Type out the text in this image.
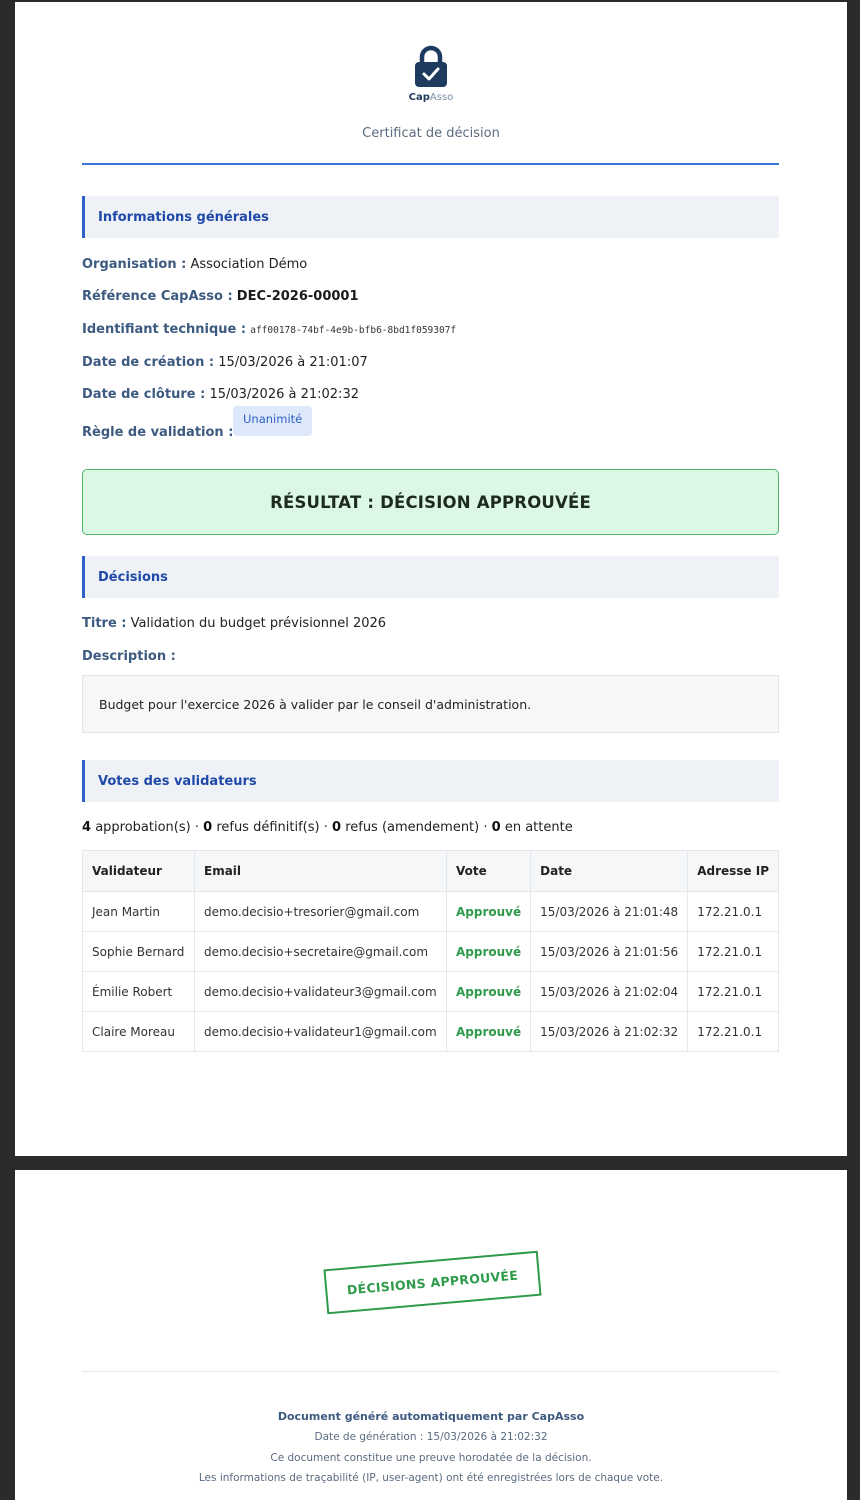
CapAsso
Certificat de décision
Informations générales
Organisation : Association Démo
Référence CapAsso : DEC-2026-00001
Identifiant technique : aff00178-74bf-4e9b-bfb6-8bd1f059307f
Date de création : 15/03/2026 à 21:01:07
Date de clôture : 15/03/2026 à 21:02:32
Règle de validation :
Unanimité
RÉSULTAT : DÉCISION APPROUVÉE
Décisions
Titre : Validation du budget prévisionnel 2026
Description :
Budget pour l'exercice 2026 à valider par le conseil d'administration.
Votes des validateurs
4 approbation(s) · 0 refus définitif(s) · 0 refus (amendement) · 0 en attente
Validateur	Email	Vote	Date	Adresse IP
Jean Martin	demo.decisio+tresorier@gmail.com	Approuvé	15/03/2026 à 21:01:48	172.21.0.1
Sophie Bernard	demo.decisio+secretaire@gmail.com	Approuvé	15/03/2026 à 21:01:56	172.21.0.1
Émilie Robert	demo.decisio+validateur3@gmail.com	Approuvé	15/03/2026 à 21:02:04	172.21.0.1
Claire Moreau	demo.decisio+validateur1@gmail.com	Approuvé	15/03/2026 à 21:02:32	172.21.0.1
DÉCISIONS APPROUVÉE
Document généré automatiquement par CapAsso
Date de génération : 15/03/2026 à 21:02:32
Ce document constitue une preuve horodatée de la décision.
Les informations de traçabilité (IP, user-agent) ont été enregistrées lors de chaque vote.
